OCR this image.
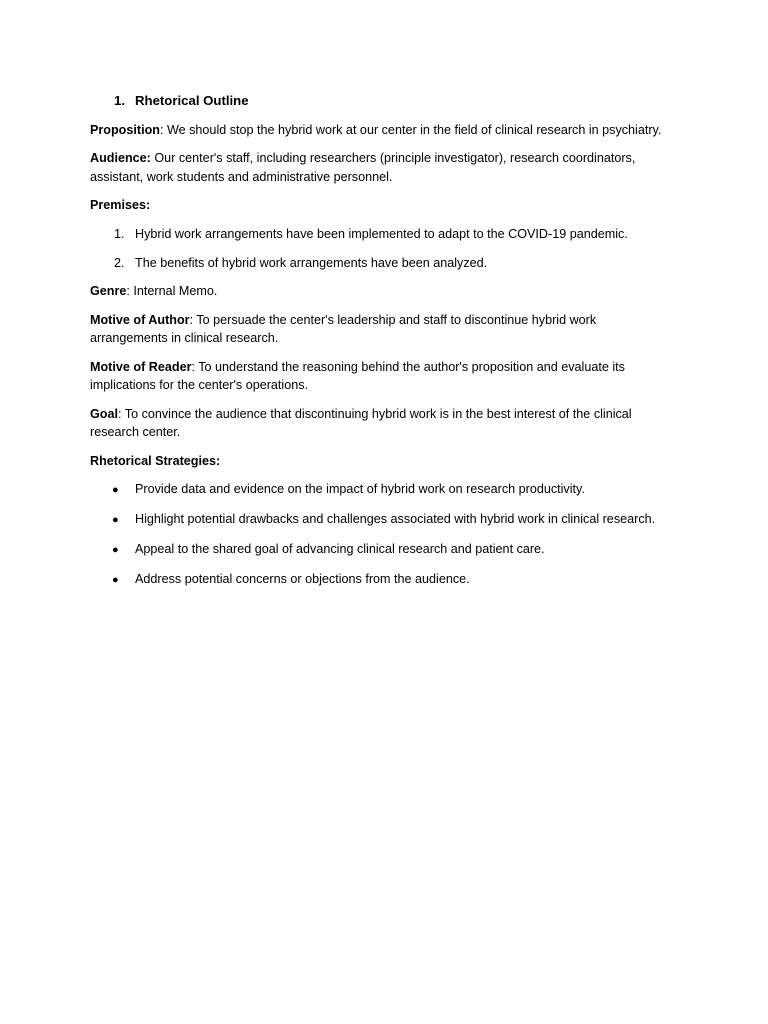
1. Rhetorical Outline

Proposition: We should stop the hybrid work at our center in the field of clinical research in psychiatry.

Audience: Our center's staff, including researchers (principle investigator), research coordinators, assistant, work students and administrative personnel.

Premises:

1. Hybrid work arrangements have been implemented to adapt to the COVID-19 pandemic.
2. The benefits of hybrid work arrangements have been analyzed.

Genre: Internal Memo.

Motive of Author: To persuade the center's leadership and staff to discontinue hybrid work arrangements in clinical research.

Motive of Reader: To understand the reasoning behind the author's proposition and evaluate its implications for the center's operations.

Goal: To convince the audience that discontinuing hybrid work is in the best interest of the clinical research center.

Rhetorical Strategies:

●	Provide data and evidence on the impact of hybrid work on research productivity.
●	Highlight potential drawbacks and challenges associated with hybrid work in clinical research.
●	Appeal to the shared goal of advancing clinical research and patient care.
●	Address potential concerns or objections from the audience.
